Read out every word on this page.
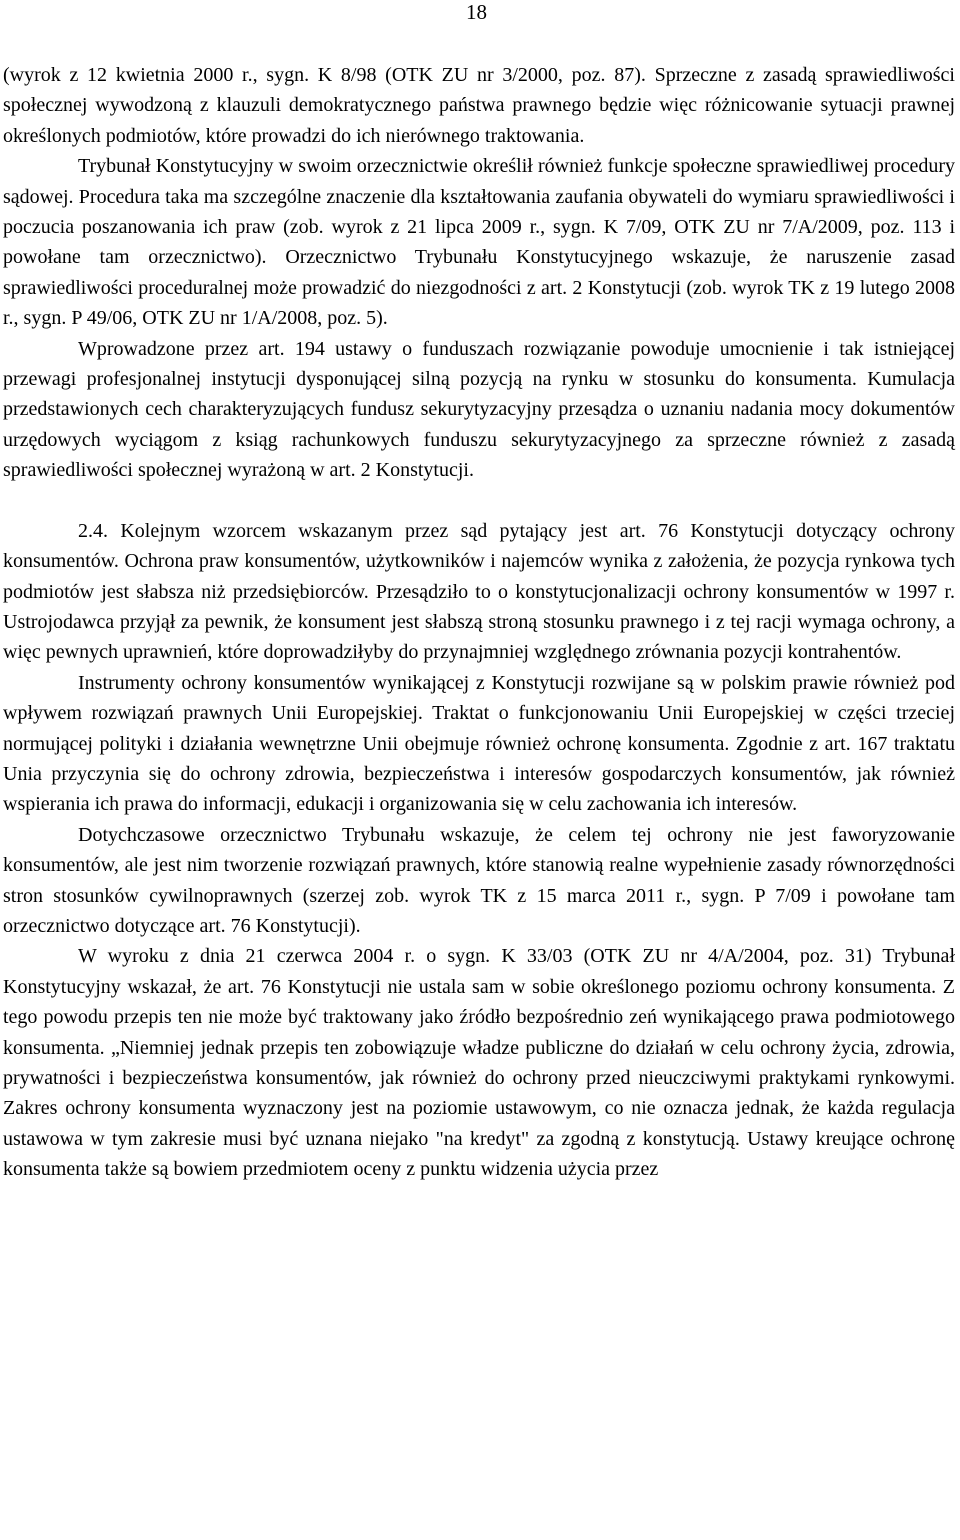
18

(wyrok z 12 kwietnia 2000 r., sygn. K 8/98 (OTK ZU nr 3/2000, poz. 87). Sprzeczne z zasadą sprawiedliwości społecznej wywodzoną z klauzuli demokratycznego państwa prawnego będzie więc różnicowanie sytuacji prawnej określonych podmiotów, które prowadzi do ich nierównego traktowania.

Trybunał Konstytucyjny w swoim orzecznictwie określił również funkcje społeczne sprawiedliwej procedury sądowej. Procedura taka ma szczególne znaczenie dla kształtowania zaufania obywateli do wymiaru sprawiedliwości i poczucia poszanowania ich praw (zob. wyrok z 21 lipca 2009 r., sygn. K 7/09, OTK ZU nr 7/A/2009, poz. 113 i powołane tam orzecznictwo). Orzecznictwo Trybunału Konstytucyjnego wskazuje, że naruszenie zasad sprawiedliwości proceduralnej może prowadzić do niezgodności z art. 2 Konstytucji (zob. wyrok TK z 19 lutego 2008 r., sygn. P 49/06, OTK ZU nr 1/A/2008, poz. 5).

Wprowadzone przez art. 194 ustawy o funduszach rozwiązanie powoduje umocnienie i tak istniejącej przewagi profesjonalnej instytucji dysponującej silną pozycją na rynku w stosunku do konsumenta. Kumulacja przedstawionych cech charakteryzujących fundusz sekurytyzacyjny przesądza o uznaniu nadania mocy dokumentów urzędowych wyciągom z ksiąg rachunkowych funduszu sekurytyzacyjnego za sprzeczne również z zasadą sprawiedliwości społecznej wyrażoną w art. 2 Konstytucji.

2.4. Kolejnym wzorcem wskazanym przez sąd pytający jest art. 76 Konstytucji dotyczący ochrony konsumentów. Ochrona praw konsumentów, użytkowników i najemców wynika z założenia, że pozycja rynkowa tych podmiotów jest słabsza niż przedsiębiorców. Przesądziło to o konstytucjonalizacji ochrony konsumentów w 1997 r. Ustrojodawca przyjął za pewnik, że konsument jest słabszą stroną stosunku prawnego i z tej racji wymaga ochrony, a więc pewnych uprawnień, które doprowadziłyby do przynajmniej względnego zrównania pozycji kontrahentów.

Instrumenty ochrony konsumentów wynikającej z Konstytucji rozwijane są w polskim prawie również pod wpływem rozwiązań prawnych Unii Europejskiej. Traktat o funkcjonowaniu Unii Europejskiej w części trzeciej normującej polityki i działania wewnętrzne Unii obejmuje również ochronę konsumenta. Zgodnie z art. 167 traktatu Unia przyczynia się do ochrony zdrowia, bezpieczeństwa i interesów gospodarczych konsumentów, jak również wspierania ich prawa do informacji, edukacji i organizowania się w celu zachowania ich interesów.

Dotychczasowe orzecznictwo Trybunału wskazuje, że celem tej ochrony nie jest faworyzowanie konsumentów, ale jest nim tworzenie rozwiązań prawnych, które stanowią realne wypełnienie zasady równorzędności stron stosunków cywilnoprawnych (szerzej zob. wyrok TK z 15 marca 2011 r., sygn. P 7/09 i powołane tam orzecznictwo dotyczące art. 76 Konstytucji).

W wyroku z dnia 21 czerwca 2004 r. o sygn. K 33/03 (OTK ZU nr 4/A/2004, poz. 31) Trybunał Konstytucyjny wskazał, że art. 76 Konstytucji nie ustala sam w sobie określonego poziomu ochrony konsumenta. Z tego powodu przepis ten nie może być traktowany jako źródło bezpośrednio zeń wynikającego prawa podmiotowego konsumenta. „Niemniej jednak przepis ten zobowiązuje władze publiczne do działań w celu ochrony życia, zdrowia, prywatności i bezpieczeństwa konsumentów, jak również do ochrony przed nieuczciwymi praktykami rynkowymi. Zakres ochrony konsumenta wyznaczony jest na poziomie ustawowym, co nie oznacza jednak, że każda regulacja ustawowa w tym zakresie musi być uznana niejako "na kredyt" za zgodną z konstytucją. Ustawy kreujące ochronę konsumenta także są bowiem przedmiotem oceny z punktu widzenia użycia przez
